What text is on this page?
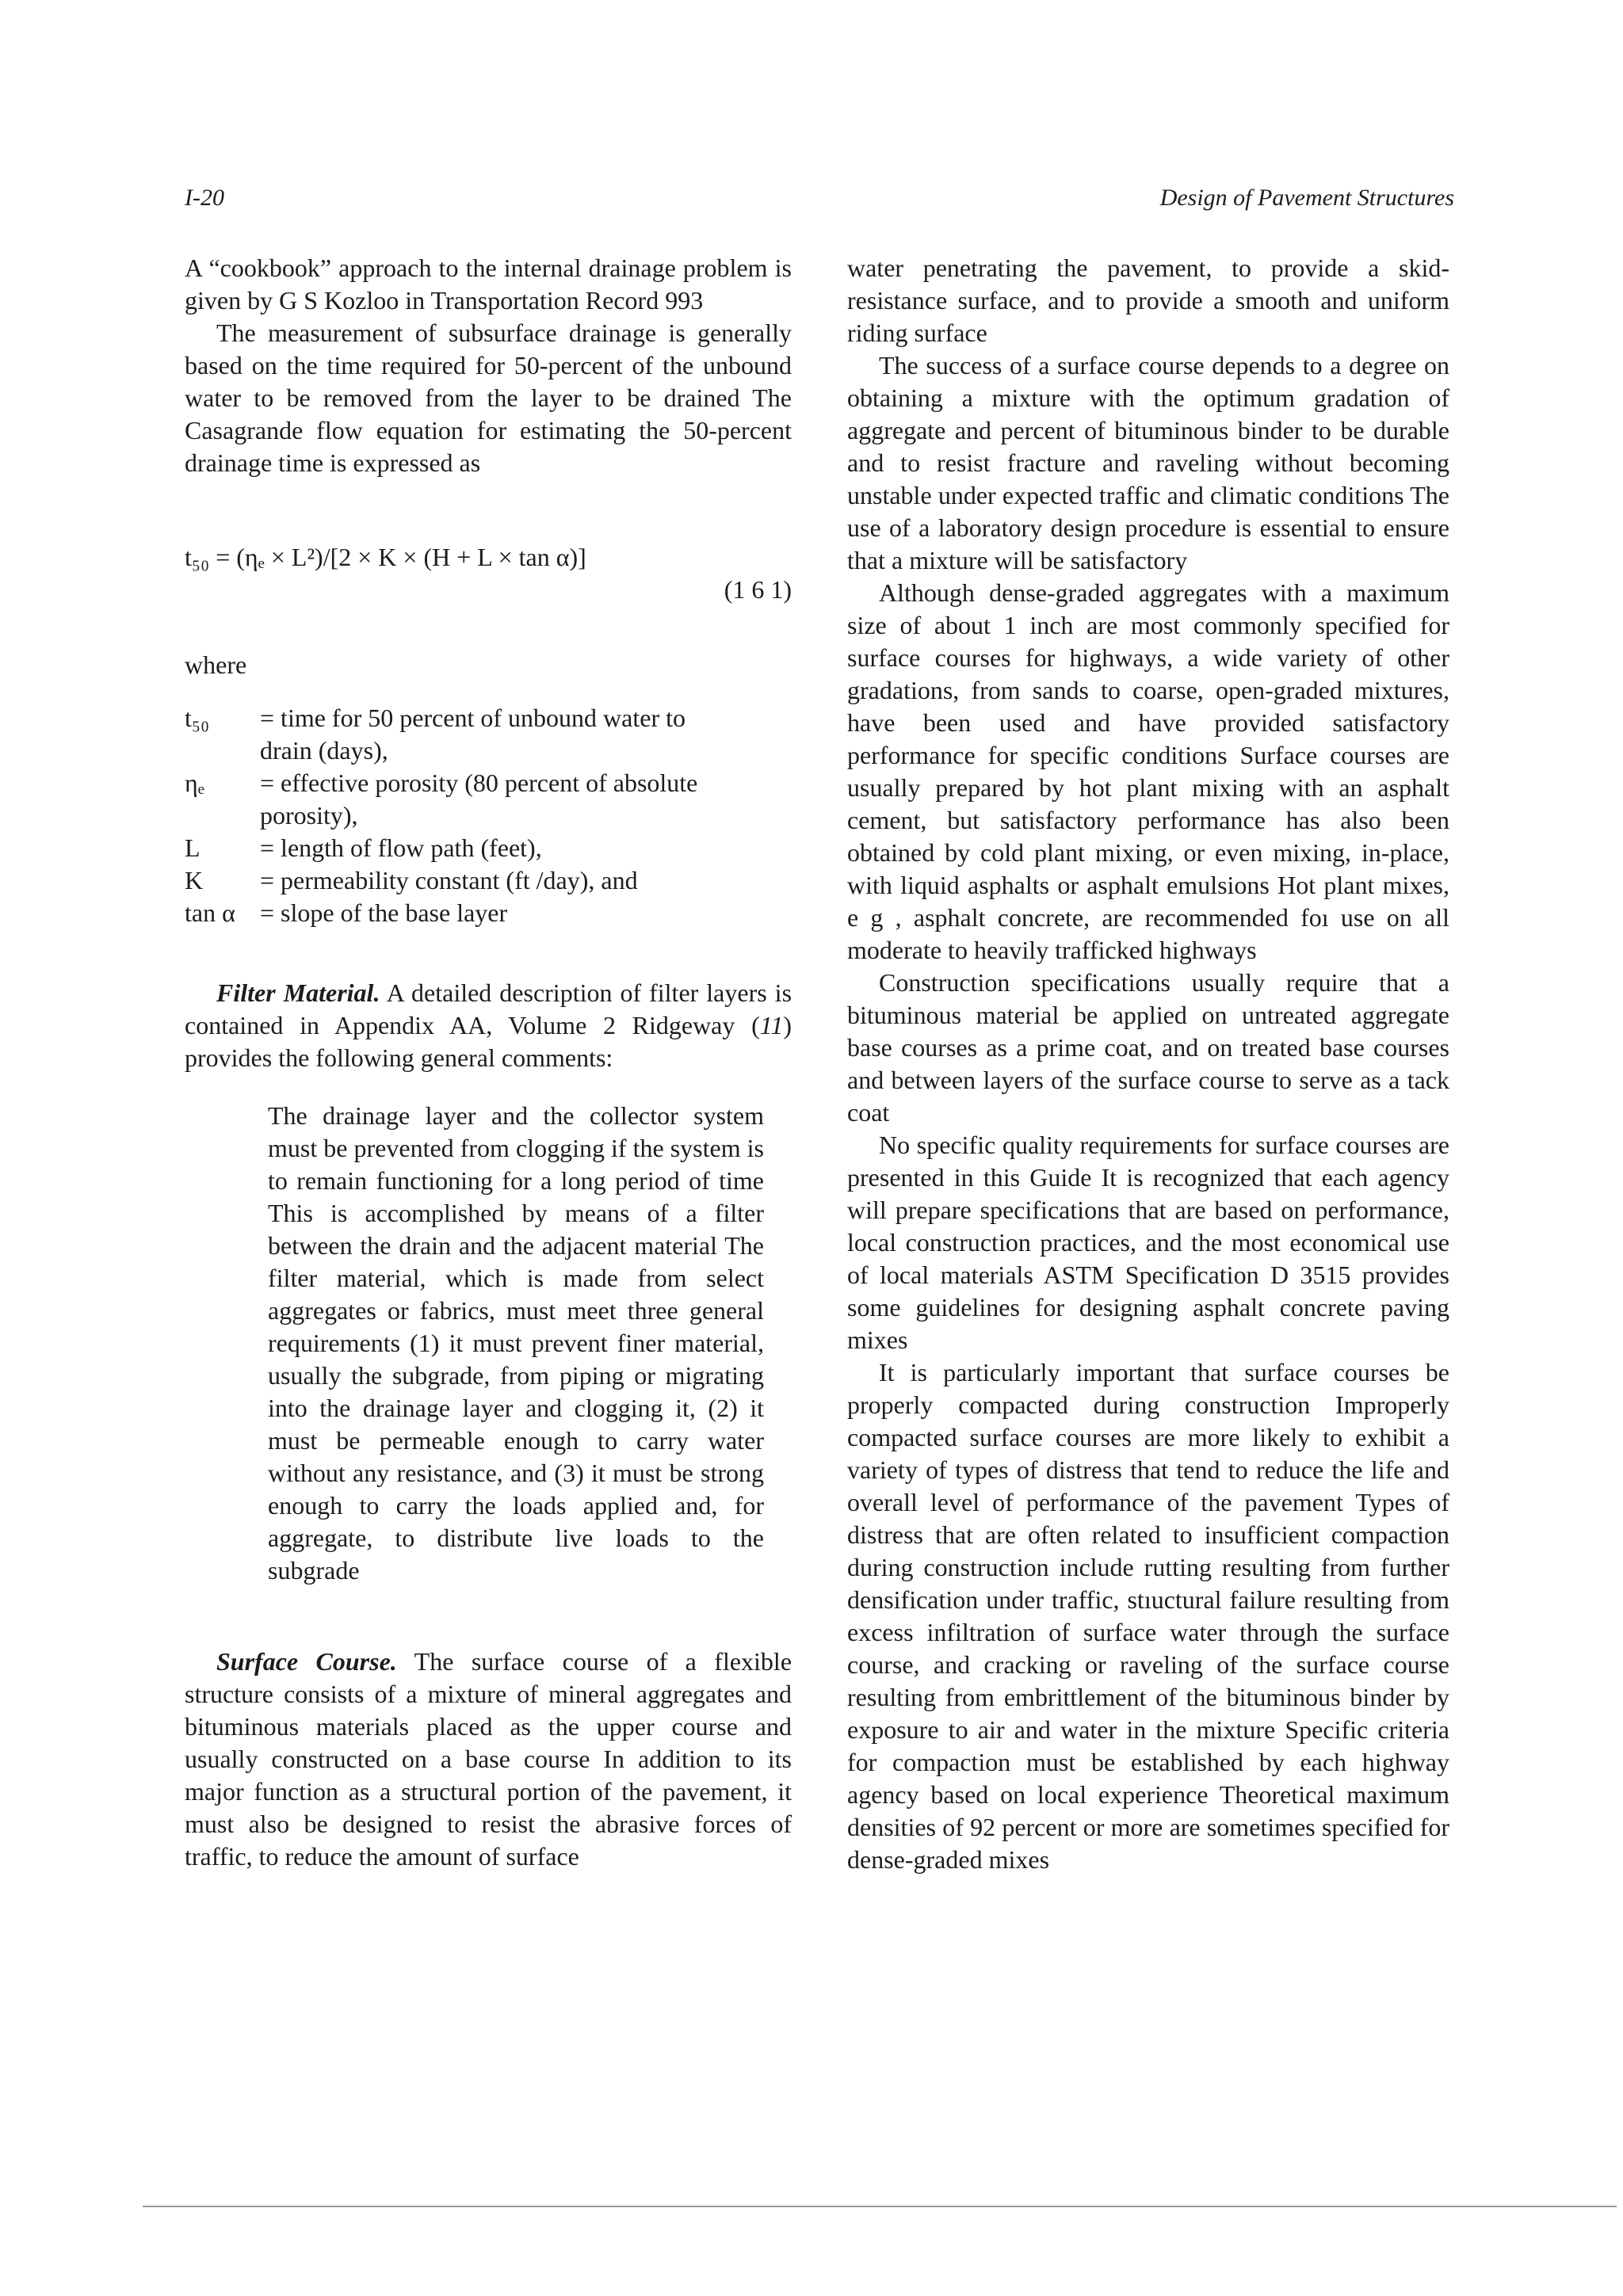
I-20	Design of Pavement Structures

A “cookbook” approach to the internal drainage problem is given by G S Kozloo in Transportation Record 993

The measurement of subsurface drainage is generally based on the time required for 50-percent of the unbound water to be removed from the layer to be drained The Casagrande flow equation for estimating the 50-percent drainage time is expressed as

t₅₀ = (ηₑ × L²)/[2 × K × (H + L × tan α)]
(1 6 1)
where
t₅₀	= time for 50 percent of unbound water to drain (days),
ηₑ	= effective porosity (80 percent of absolute porosity),
L	= length of flow path (feet),
K	= permeability constant (ft /day), and
tan α	= slope of the base layer

Filter Material. A detailed description of filter layers is contained in Appendix AA, Volume 2 Ridgeway (11) provides the following general comments:

The drainage layer and the collector system must be prevented from clogging if the system is to remain functioning for a long period of time This is accomplished by means of a filter between the drain and the adjacent material The filter material, which is made from select aggregates or fabrics, must meet three general requirements (1) it must prevent finer material, usually the subgrade, from piping or migrating into the drainage layer and clogging it, (2) it must be permeable enough to carry water without any resistance, and (3) it must be strong enough to carry the loads applied and, for aggregate, to distribute live loads to the subgrade

Surface Course. The surface course of a flexible structure consists of a mixture of mineral aggregates and bituminous materials placed as the upper course and usually constructed on a base course In addition to its major function as a structural portion of the pavement, it must also be designed to resist the abrasive forces of traffic, to reduce the amount of surface

water penetrating the pavement, to provide a skid-resistance surface, and to provide a smooth and uniform riding surface

The success of a surface course depends to a degree on obtaining a mixture with the optimum gradation of aggregate and percent of bituminous binder to be durable and to resist fracture and raveling without becoming unstable under expected traffic and climatic conditions The use of a laboratory design procedure is essential to ensure that a mixture will be satisfactory

Although dense-graded aggregates with a maximum size of about 1 inch are most commonly specified for surface courses for highways, a wide variety of other gradations, from sands to coarse, open-graded mixtures, have been used and have provided satisfactory performance for specific conditions Surface courses are usually prepared by hot plant mixing with an asphalt cement, but satisfactory performance has also been obtained by cold plant mixing, or even mixing, in-place, with liquid asphalts or asphalt emulsions Hot plant mixes, e g , asphalt concrete, are recommended foı use on all moderate to heavily trafficked highways

Construction specifications usually require that a bituminous material be applied on untreated aggregate base courses as a prime coat, and on treated base courses and between layers of the surface course to serve as a tack coat

No specific quality requirements for surface courses are presented in this Guide It is recognized that each agency will prepare specifications that are based on performance, local construction practices, and the most economical use of local materials ASTM Specification D 3515 provides some guidelines for designing asphalt concrete paving mixes

It is particularly important that surface courses be properly compacted during construction Improperly compacted surface courses are more likely to exhibit a variety of types of distress that tend to reduce the life and overall level of performance of the pavement Types of distress that are often related to insufficient compaction during construction include rutting resulting from further densification under traffic, stıuctural failure resulting from excess infiltration of surface water through the surface course, and cracking or raveling of the surface course resulting from embrittlement of the bituminous binder by exposure to air and water in the mixture Specific criteria for compaction must be established by each highway agency based on local experience Theoretical maximum densities of 92 percent or more are sometimes specified for dense-graded mixes
